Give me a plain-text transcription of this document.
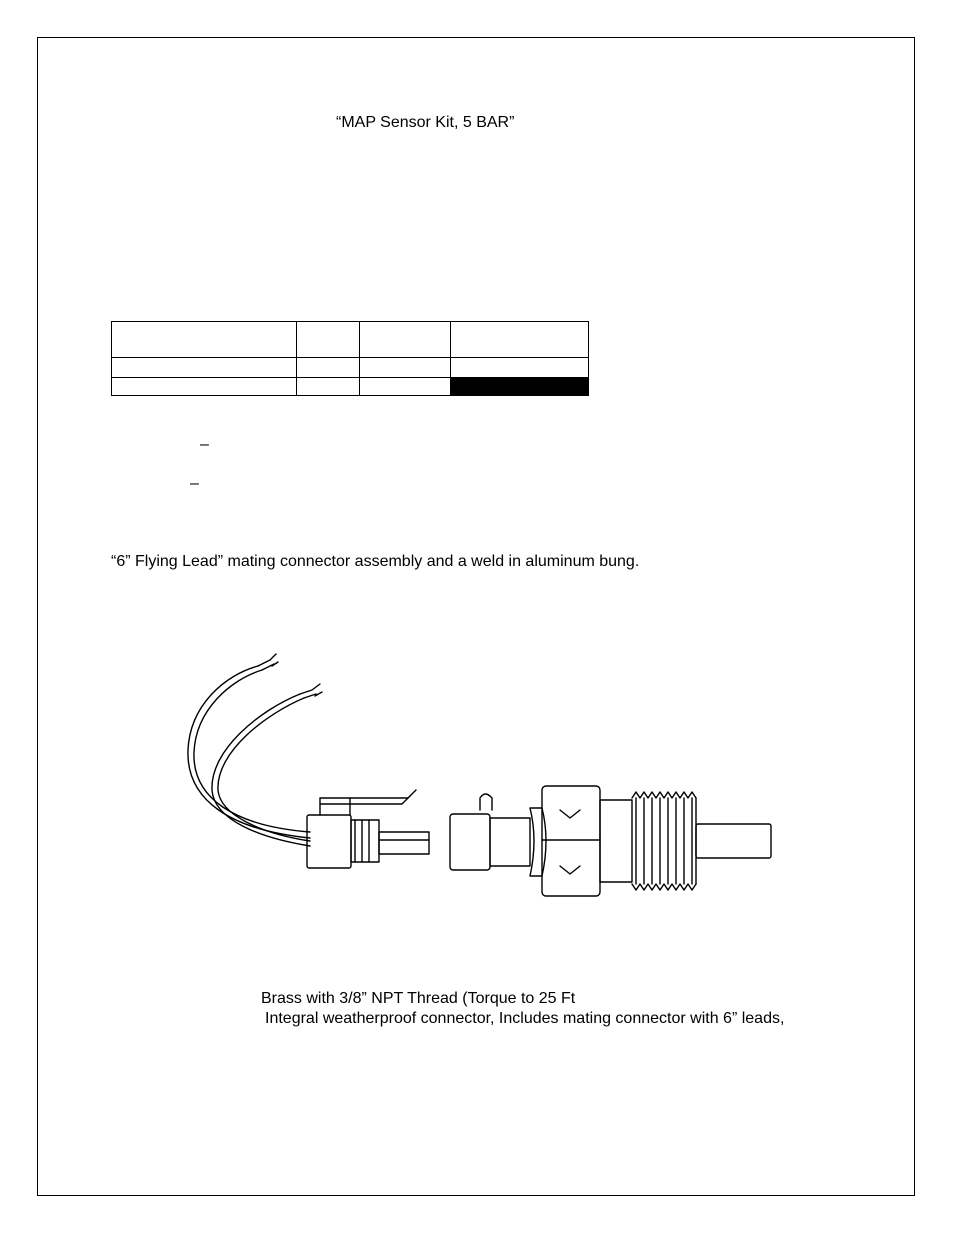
“MAP Sensor Kit, 5 BAR”

–
–
“6” Flying Lead” mating connector assembly and a weld in aluminum bung.
Brass with 3/8” NPT Thread (Torque to 25 Ft
Integral weatherproof connector, Includes mating connector with 6” leads,
